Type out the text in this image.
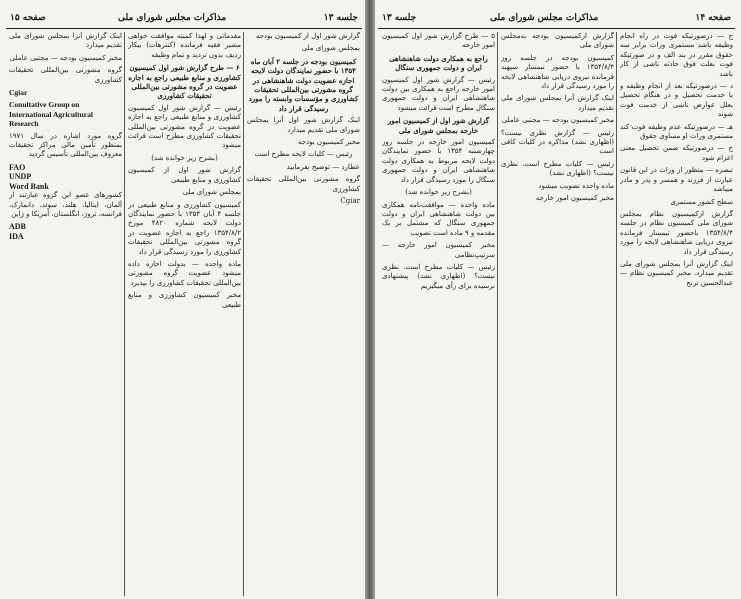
صفحه ۱۵	مذاکرات مجلس شورای ملی	جلسه ۱۳

گزارش شور اول از کمیسیون بودجه

بمجلس شورای ملی

کمیسیون بودجه در جلسه ۲ آبان ماه ۱۳۵۴ با حضور نمایندگان دولت لایحه اجازه عضویت دولت شاهنشاهی در گروه مشورتی بین‌المللی تحقیقات کشاورزی و مؤسسات وابسته را مورد رسیدگی قرار داد

اینک گزارش شور اول آنرا بمجلس شورای ملی تقدیم میدارد

مخبر کمیسیون بودجه

رئیس — کلیات لایحه مطرح است

عطارد — توضیح بفرمایید

گروه مشورتی بین‌المللی تحقیقات کشاورزی

Cgiar

مقدماتی و لهذا کمیته موافقت خواهی مشیر فقیه فرمانده (کنترهات) بیکار ردیف بدون تردید و تمام وظیفه

۶ — طرح گزارش شور اول کمیسیون کشاورزی و منابع طبیعی راجع به اجازه عضویت در گروه مشورتی بین‌المللی تحقیقات کشاورزی

رئیس — گزارش شور اول کمیسیون کشاورزی و منابع طبیعی راجع به اجازه عضویت در گروه مشورتی بین‌المللی تحقیقات کشاورزی مطرح است قرائت میشود

(بشرح زیر خوانده شد)

گزارش شور اول از کمیسیون کشاورزی و منابع طبیعی

بمجلس شورای ملی

کمیسیون کشاورزی و منابع طبیعی در جلسه ۴ آبان ۱۳۵۴ با حضور نمایندگان دولت لایحه شماره ۴۸۲۰ مورخ ۱۳۵۴/۸/۲ راجع به اجازه عضویت در گروه مشورتی بین‌المللی تحقیقات کشاورزی را مورد رسیدگی قرار داد

ماده واحده — بدولت اجازه داده میشود عضویت گروه مشورتی بین‌المللی تحقیقات کشاورزی را بپذیرد

مخبر کمیسیون کشاورزی و منابع طبیعی

اینک گزارش آنرا بمجلس شورای ملی تقدیم میدارد

مخبر کمیسیون بودجه — مجتبی عاملی

گروه مشورتی بین‌المللی تحقیقات کشاورزی

Cgiar

Conultative Group on International Agricultural Research

گروه مورد اشاره در سال ۱۹۷۱ بمنظور تأمین مالی مراکز تحقیقات معروف بین‌المللی تأسیس گردید

FAO

UNDP

Word Bank

کشورهای عضو این گروه عبارتند از آلمان، ایتالیا، هلند، سوئد، دانمارک، فرانسه، نروژ، انگلستان، آمریکا و ژاپن

ADB

IDA

جلسه ۱۳	مذاکرات مجلس شورای ملی	صفحه ۱۴

ج — درصورتیکه فوت در راه انجام وظیفه باشد مستمری وراث برابر سه حقوق مقرر در بند الف و در صورتیکه فوت بعلت فوق حادثه ناشی از کار باشد

د — درصورتیکه بعد از انجام وظیفه و یا خدمت تحصیل و در هنگام تحصیل بعلل عوارض ناشی از خدمت فوت شوند

هـ — درصورتیکه عدم وظیفه فوت کند مستمری وراث او مساوی حقوق

ح — درصورتیکه ضمن تحصیل معنی اعزام شود

تبصره — منظور از وراث در این قانون عبارت از فرزند و همسر و پدر و مادر میباشد

سطح کشور مستمری

گزارش ازکمیسیون نظام بمجلس شورای ملی کمیسیون نظام در جلسه ۱۳۵۴/۸/۴ باحضور تیمسار فرمانده نیروی دریایی شاهنشاهی لایحه را مورد رسیدگی قرار داد

اینک گزارش آنرا بمجلس شورای ملی تقدیم میدارد. مخبر کمیسیون نظام — عبدالحسین ترنج

گزارش ازکمیسیون بودجه به‌مجلس شورای ملی

کمیسیون بودجه در جلسه روز ۱۳۵۴/۸/۴ با حضور تیمسار سپهبد فرمانده نیروی دریایی شاهنشاهی لایحه را مورد رسیدگی قرار داد

اینک گزارش آنرا بمجلس شورای ملی تقدیم میدارد

مخبر کمیسیون بودجه — مجتبی عاملی

رئیس — گزارش نظری نیست؟ (اظهاری نشد) مذاکره در کلیات کافی است

رئیس — کلیات مطرح است. نظری نیست؟ (اظهاری نشد)

ماده واحده تصویب میشود

مخبر کمیسیون امور خارجه

۵ — طرح گزارش شور اول کمیسیون امور خارجه

راجع به همکاری دولت شاهنشاهی ایران و دولت جمهوری سنگال

رئیس — گزارش شور اول کمیسیون امور خارجه راجع به همکاری بین دولت شاهنشاهی ایران و دولت جمهوری سنگال مطرح است قرائت میشود

گزارش شور اول از کمیسیون امور خارجه بمجلس شورای ملی

کمیسیون امور خارجه در جلسه روز چهارشنبه ۱۳۵۴ با حضور نمایندگان دولت لایحه مربوط به همکاری دولت شاهنشاهی ایران و دولت جمهوری سنگال را مورد رسیدگی قرار داد

(بشرح زیر خوانده شد)

ماده واحده — موافقت‌نامه همکاری بین دولت شاهنشاهی ایران و دولت جمهوری سنگال که مشتمل بر یک مقدمه و ۹ ماده است تصویب

مخبر کمیسیون امور خارجه — سرتیپ‌نظامی

رئیس — کلیات مطرح است. نظری نیست؟ (اظهاری نشد) پیشنهادی نرسیده برای رأی میگیریم
